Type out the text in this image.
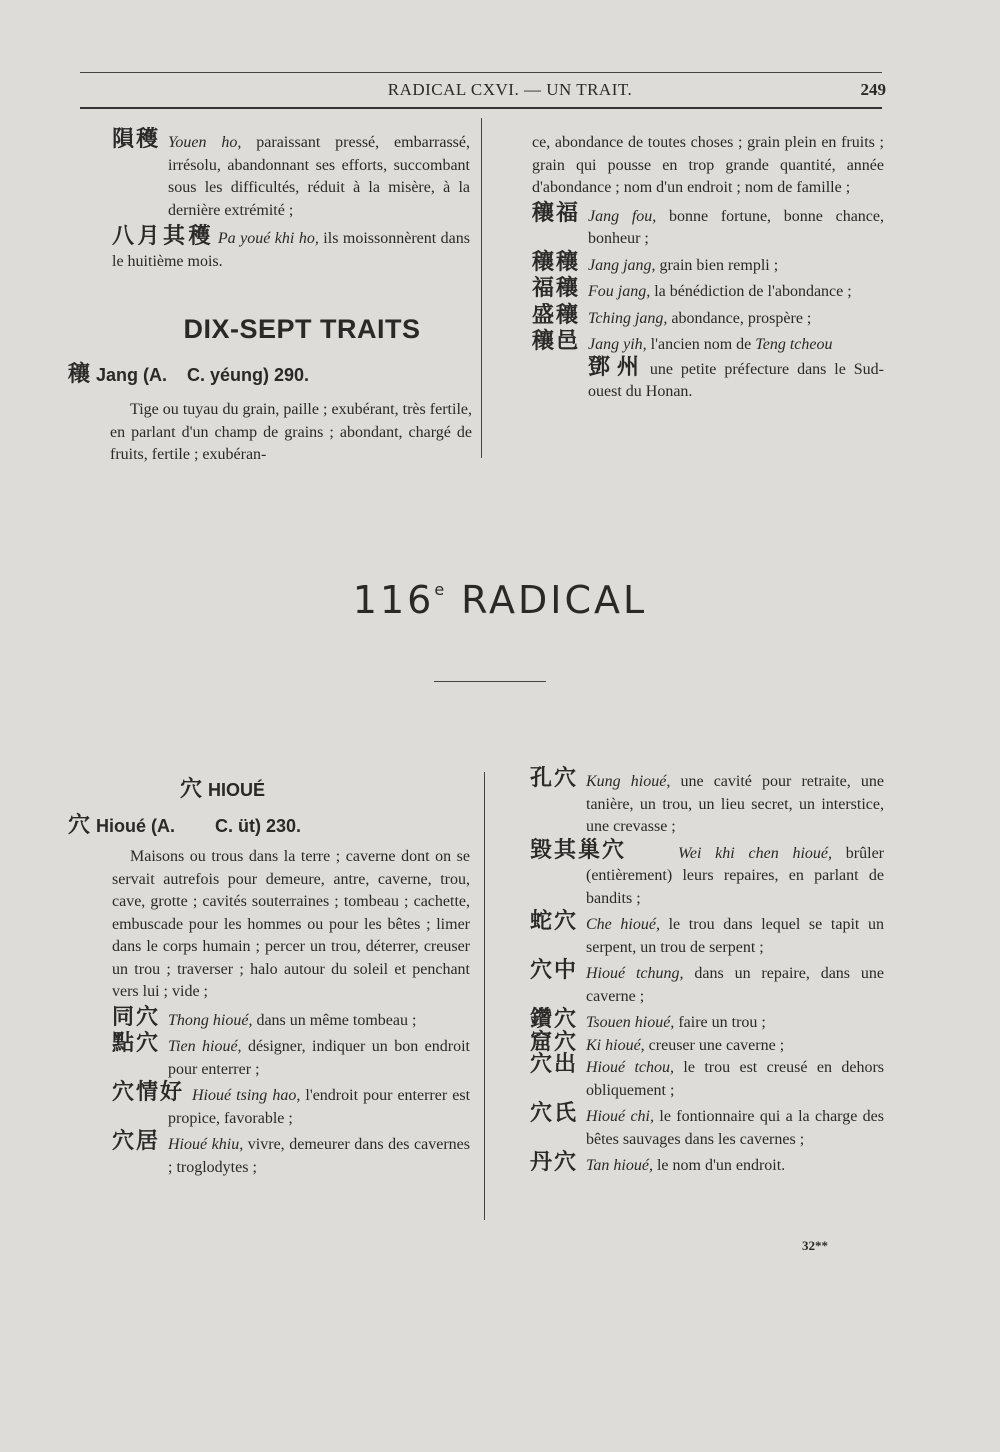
RADICAL CXVI. — UN TRAIT.	249
隕穫 Youen ho, paraissant pressé, embarrassé, irrésolu, abandonnant ses efforts, succombant sous les difficultés, réduit à la misère, à la dernière extrémité ;
八月其穫 Pa youé khi ho, ils moissonnèrent dans le huitième mois.
DIX-SEPT TRAITS
穰 Jang (A.    C. yéung) 290.
Tige ou tuyau du grain, paille ; exubérant, très fertile, en parlant d'un champ de grains ; abondant, chargé de fruits, fertile ; exubéran-
ce, abondance de toutes choses ; grain plein en fruits ; grain qui pousse en trop grande quantité, année d'abondance ; nom d'un endroit ; nom de famille ;
穰福 Jang fou, bonne fortune, bonne chance, bonheur ;
穰穰 Jang jang, grain bien rempli ;
福穰 Fou jang, la bénédiction de l'abondance ;
盛穰 Tching jang, abondance, prospère ;
穰邑 Jang yih, l'ancien nom de Teng tcheou
鄧州 une petite préfecture dans le Sud-ouest du Honan.
116e RADICAL
穴 HIOUÉ
穴 Hioué (A.        C. üt) 230.
Maisons ou trous dans la terre ; caverne dont on se servait autrefois pour demeure, antre, caverne, trou, cave, grotte ; cavités souterraines ; tombeau ; cachette, embuscade pour les hommes ou pour les bêtes ; limer dans le corps humain ; percer un trou, déterrer, creuser un trou ; traverser ; halo autour du soleil et penchant vers lui ; vide ;
同穴 Thong hioué, dans un même tombeau ;
點穴 Tien hioué, désigner, indiquer un bon endroit pour enterrer ;
穴情好 Hioué tsing hao, l'endroit pour enterrer est propice, favorable ;
穴居 Hioué khiu, vivre, demeurer dans des cavernes ; troglodytes ;
孔穴 Kung hioué, une cavité pour retraite, une tanière, un trou, un lieu secret, un interstice, une crevasse ;
毀其巢穴	Wei khi chen hioué, brûler (entièrement) leurs repaires, en parlant de bandits ;
蛇穴 Che hioué, le trou dans lequel se tapit un serpent, un trou de serpent ;
穴中 Hioué tchung, dans un repaire, dans une caverne ;
鑽穴 Tsouen hioué, faire un trou ;
窟穴 Ki hioué, creuser une caverne ;
穴出 Hioué tchou, le trou est creusé en dehors obliquement ;
穴氏 Hioué chi, le fontionnaire qui a la charge des bêtes sauvages dans les cavernes ;
丹穴 Tan hioué, le nom d'un endroit.
32**
